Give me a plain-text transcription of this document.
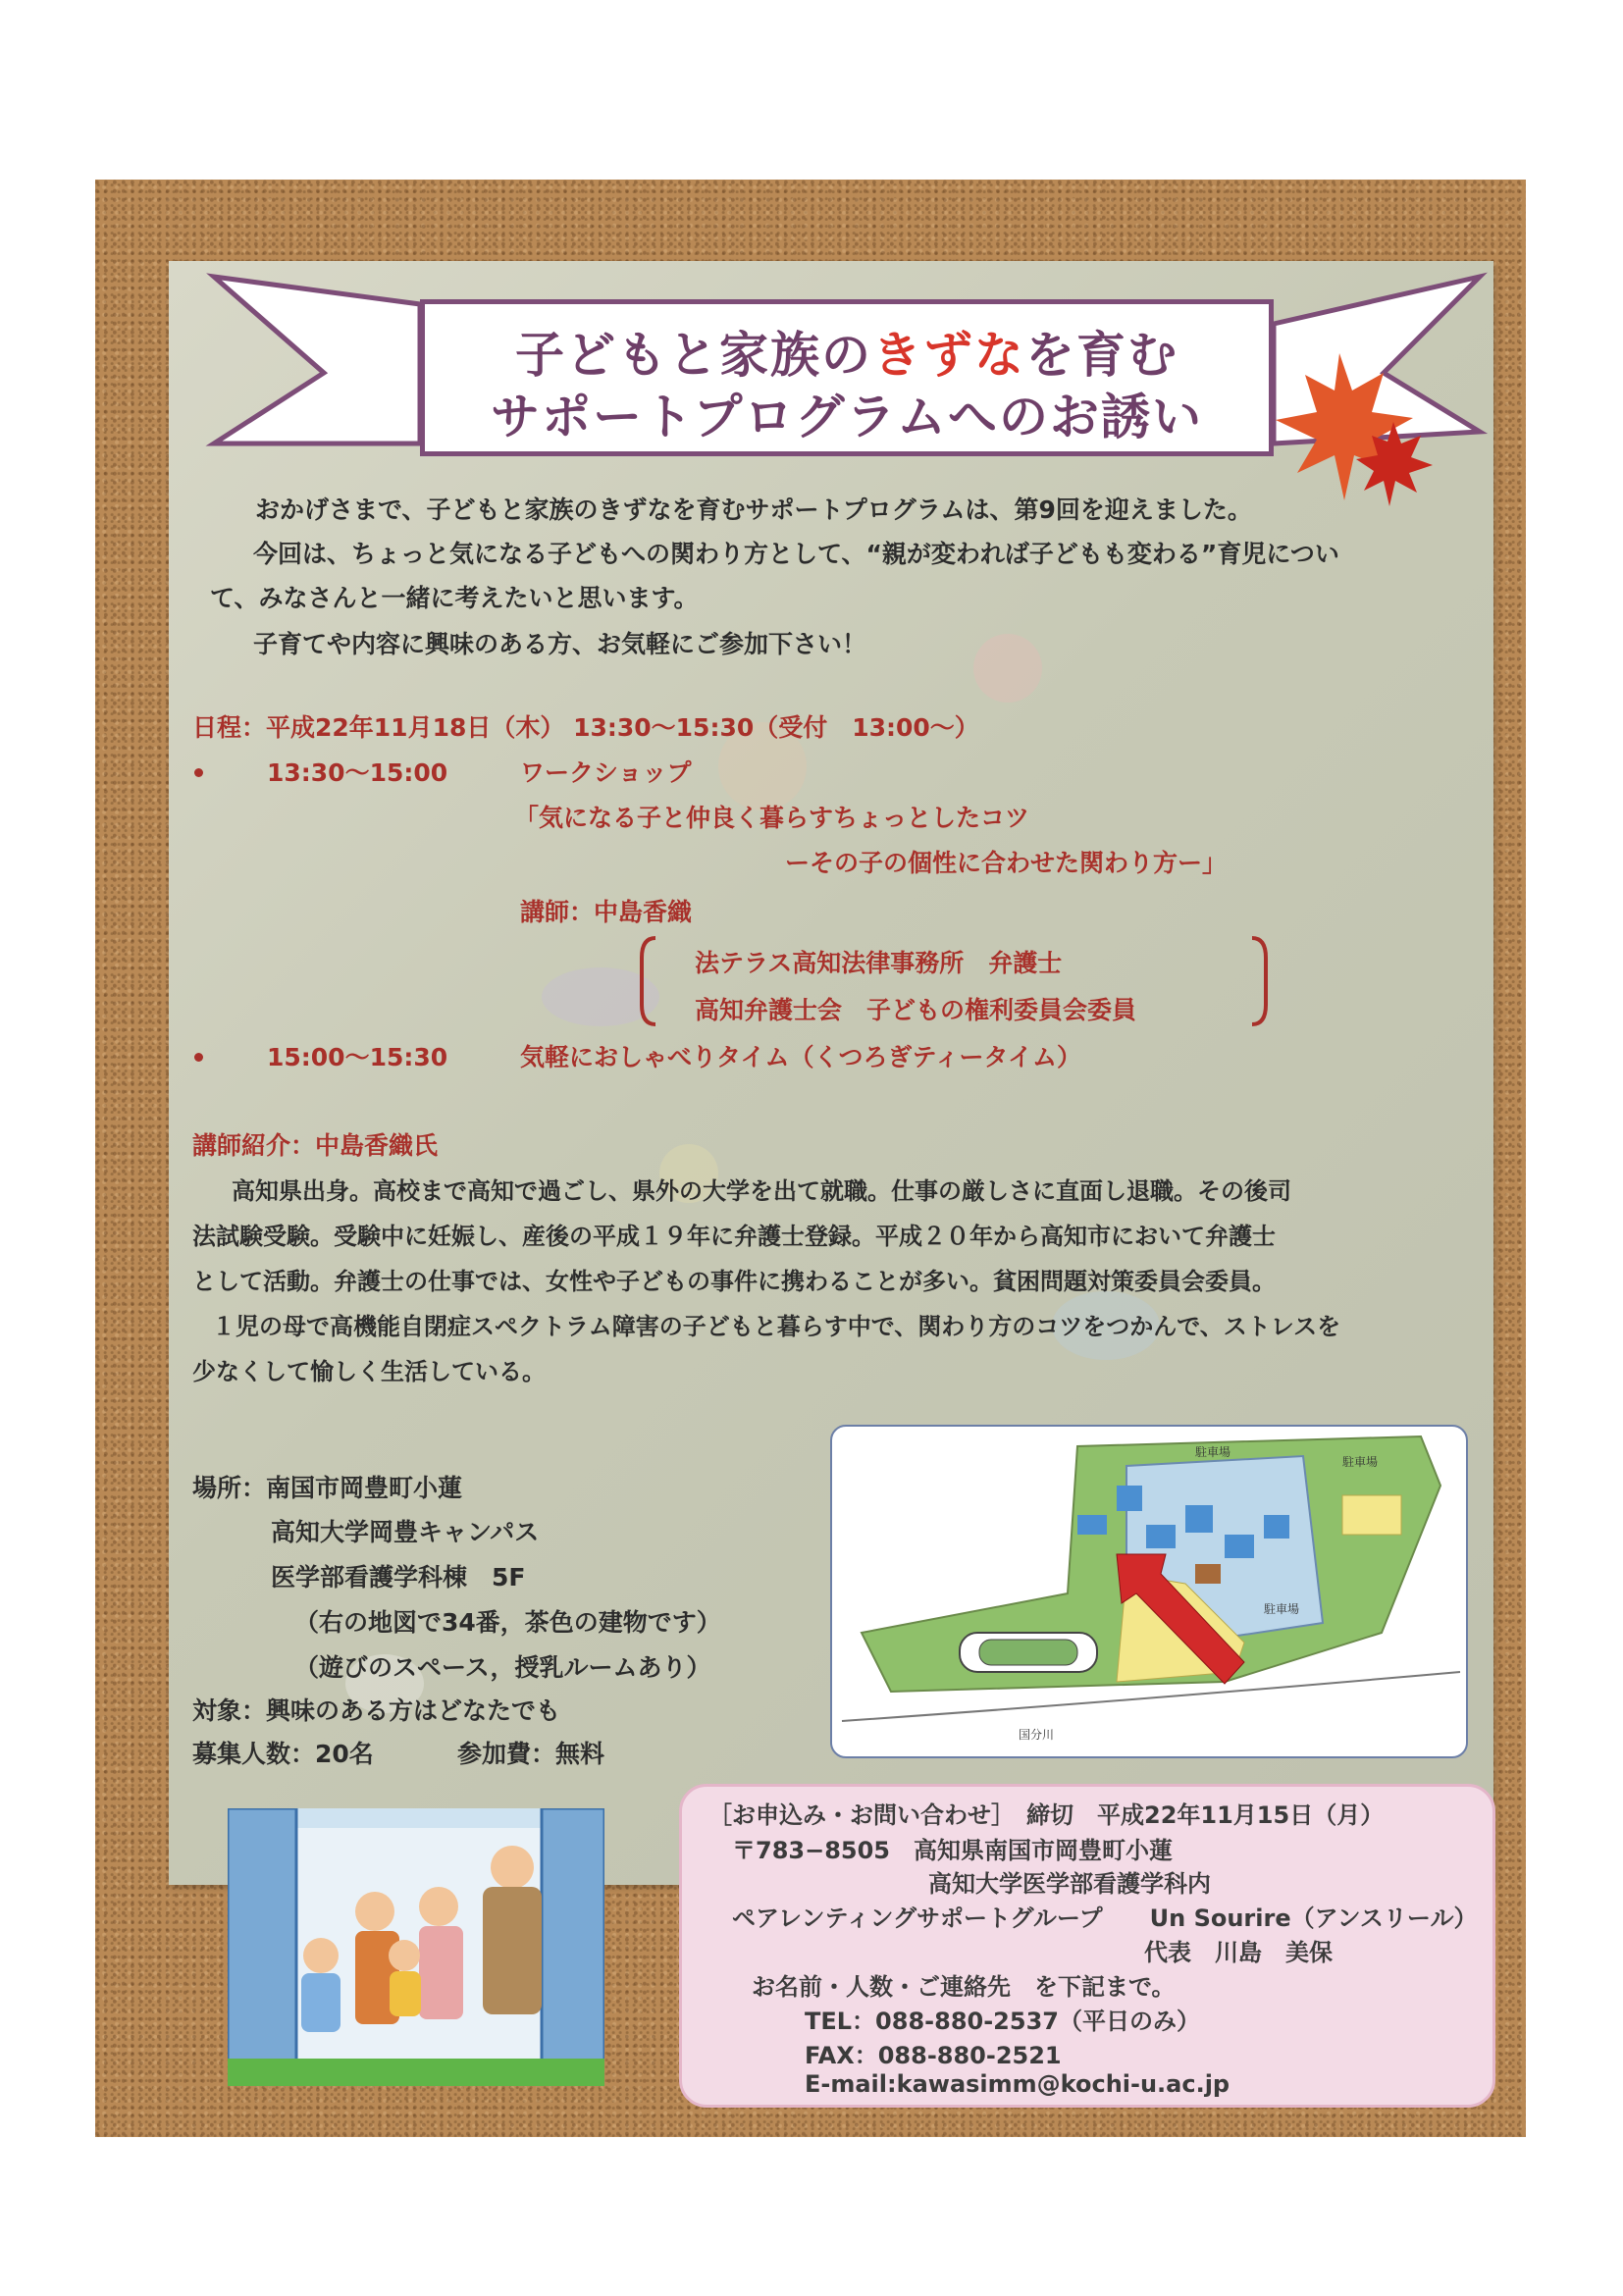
子どもと家族のきずなを育む
サポートプログラムへのお誘い
おかげさまで、子どもと家族のきずなを育むサポートプログラムは、第9回を迎えました。
今回は、ちょっと気になる子どもへの関わり方として、“親が変われば子どもも変わる”育児につい
て、みなさんと一緒に考えたいと思います。
子育てや内容に興味のある方、お気軽にご参加下さい！
日程：平成22年11月18日（木） 13:30～15:30（受付　13:00～）
13:30～15:00	ワークショップ
「気になる子と仲良く暮らすちょっとしたコツ
ーその子の個性に合わせた関わり方ー」
講師：中島香織
法テラス高知法律事務所　弁護士
高知弁護士会　子どもの権利委員会委員
15:00～15:30	気軽におしゃべりタイム（くつろぎティータイム）
講師紹介：中島香織氏
高知県出身。高校まで高知で過ごし、県外の大学を出て就職。仕事の厳しさに直面し退職。その後司
法試験受験。受験中に妊娠し、産後の平成１９年に弁護士登録。平成２０年から高知市において弁護士
として活動。弁護士の仕事では、女性や子どもの事件に携わることが多い。貧困問題対策委員会委員。
１児の母で高機能自閉症スペクトラム障害の子どもと暮らす中で、関わり方のコツをつかんで、ストレスを
少なくして愉しく生活している。
場所：南国市岡豊町小蓮
高知大学岡豊キャンパス
医学部看護学科棟　5F
（右の地図で34番，茶色の建物です）
（遊びのスペース，授乳ルームあり）
対象：興味のある方はどなたでも
募集人数：20名	参加費：無料
駐車場
駐車場
駐車場
国分川
［お申込み・お問い合わせ］　締切　平成22年11月15日（月）
〒783−8505　高知県南国市岡豊町小蓮
高知大学医学部看護学科内
ペアレンティングサポートグループ　　Un Sourire（アンスリール）
代表　川島　美保
お名前・人数・ご連絡先　を下記まで。
TEL：088-880-2537（平日のみ）
FAX：088-880-2521
E-mail:kawasimm@kochi-u.ac.jp
